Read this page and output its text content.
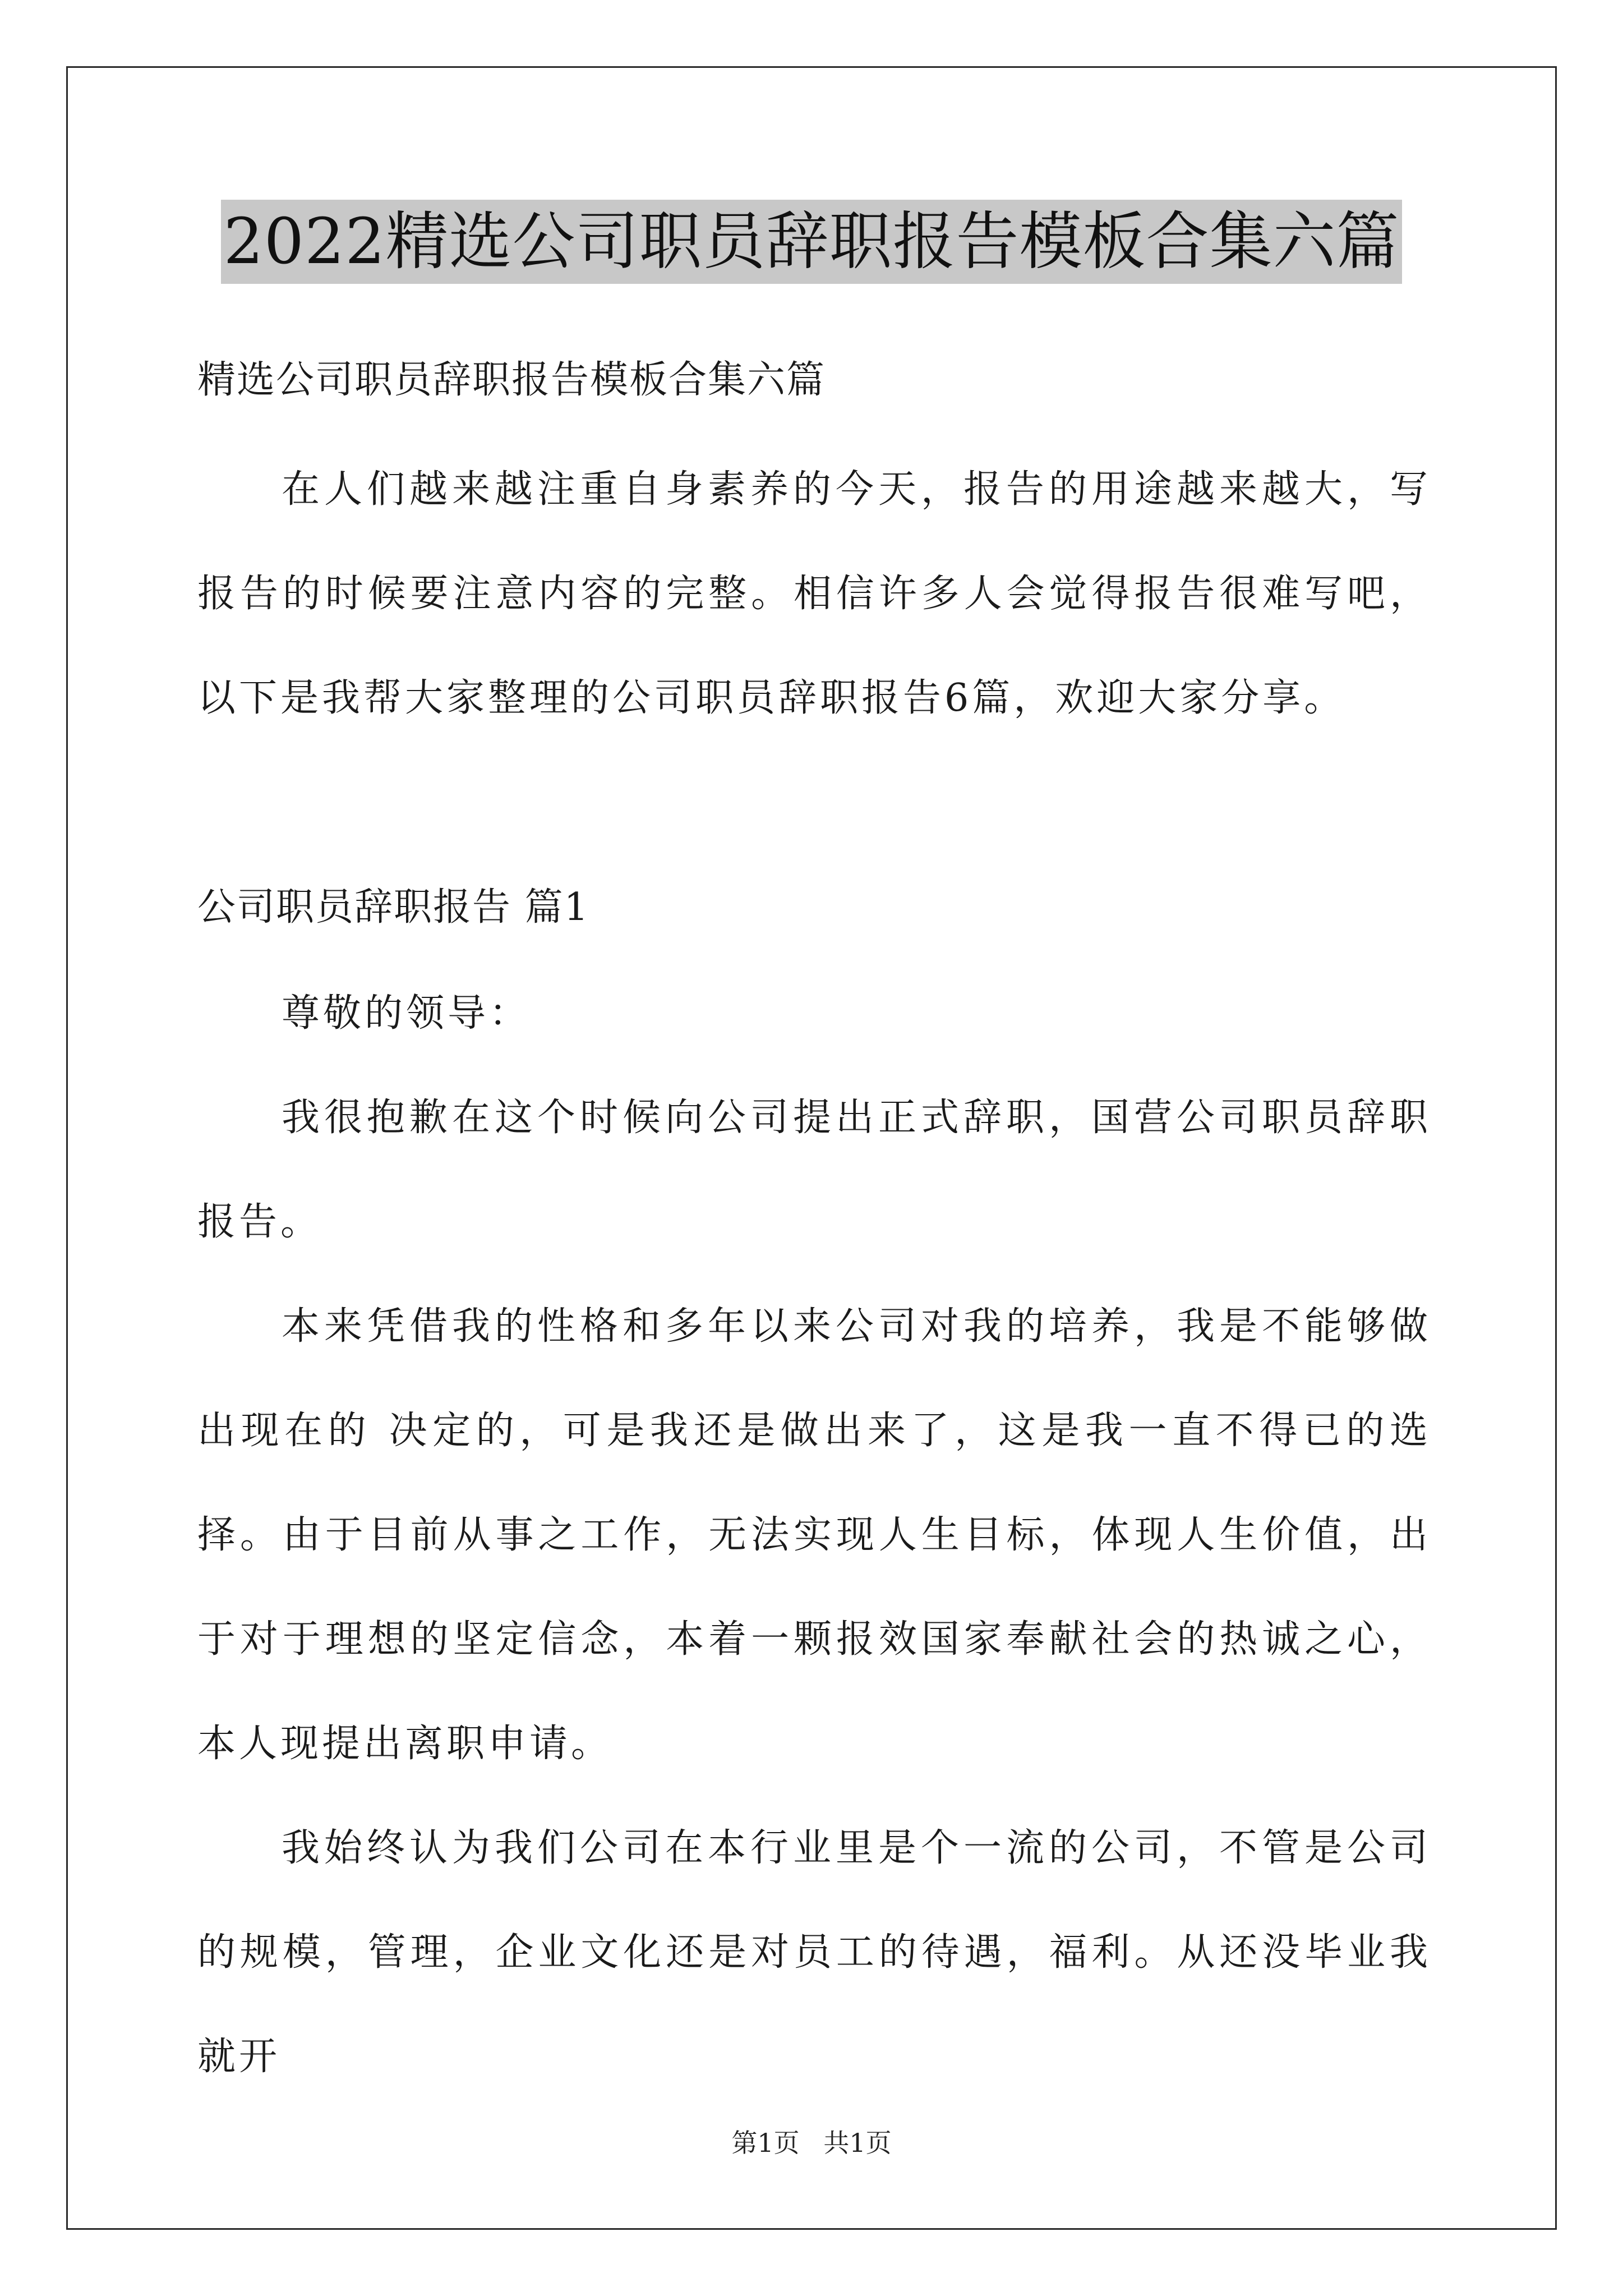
2022精选公司职员辞职报告模板合集六篇

精选公司职员辞职报告模板合集六篇

在人们越来越注重自身素养的今天，报告的用途越来越大，写报告的时候要注意内容的完整。相信许多人会觉得报告很难写吧，以下是我帮大家整理的公司职员辞职报告6篇，欢迎大家分享。

公司职员辞职报告 篇1

尊敬的领导：

我很抱歉在这个时候向公司提出正式辞职，国营公司职员辞职报告。

本来凭借我的性格和多年以来公司对我的培养，我是不能够做出现在的 决定的，可是我还是做出来了，这是我一直不得已的选择。由于目前从事之工作，无法实现人生目标，体现人生价值，出于对于理想的坚定信念，本着一颗报效国家奉献社会的热诚之心，本人现提出离职申请。

我始终认为我们公司在本行业里是个一流的公司，不管是公司的规模，管理，企业文化还是对员工的待遇，福利。从还没毕业我就开

第1页 共1页
